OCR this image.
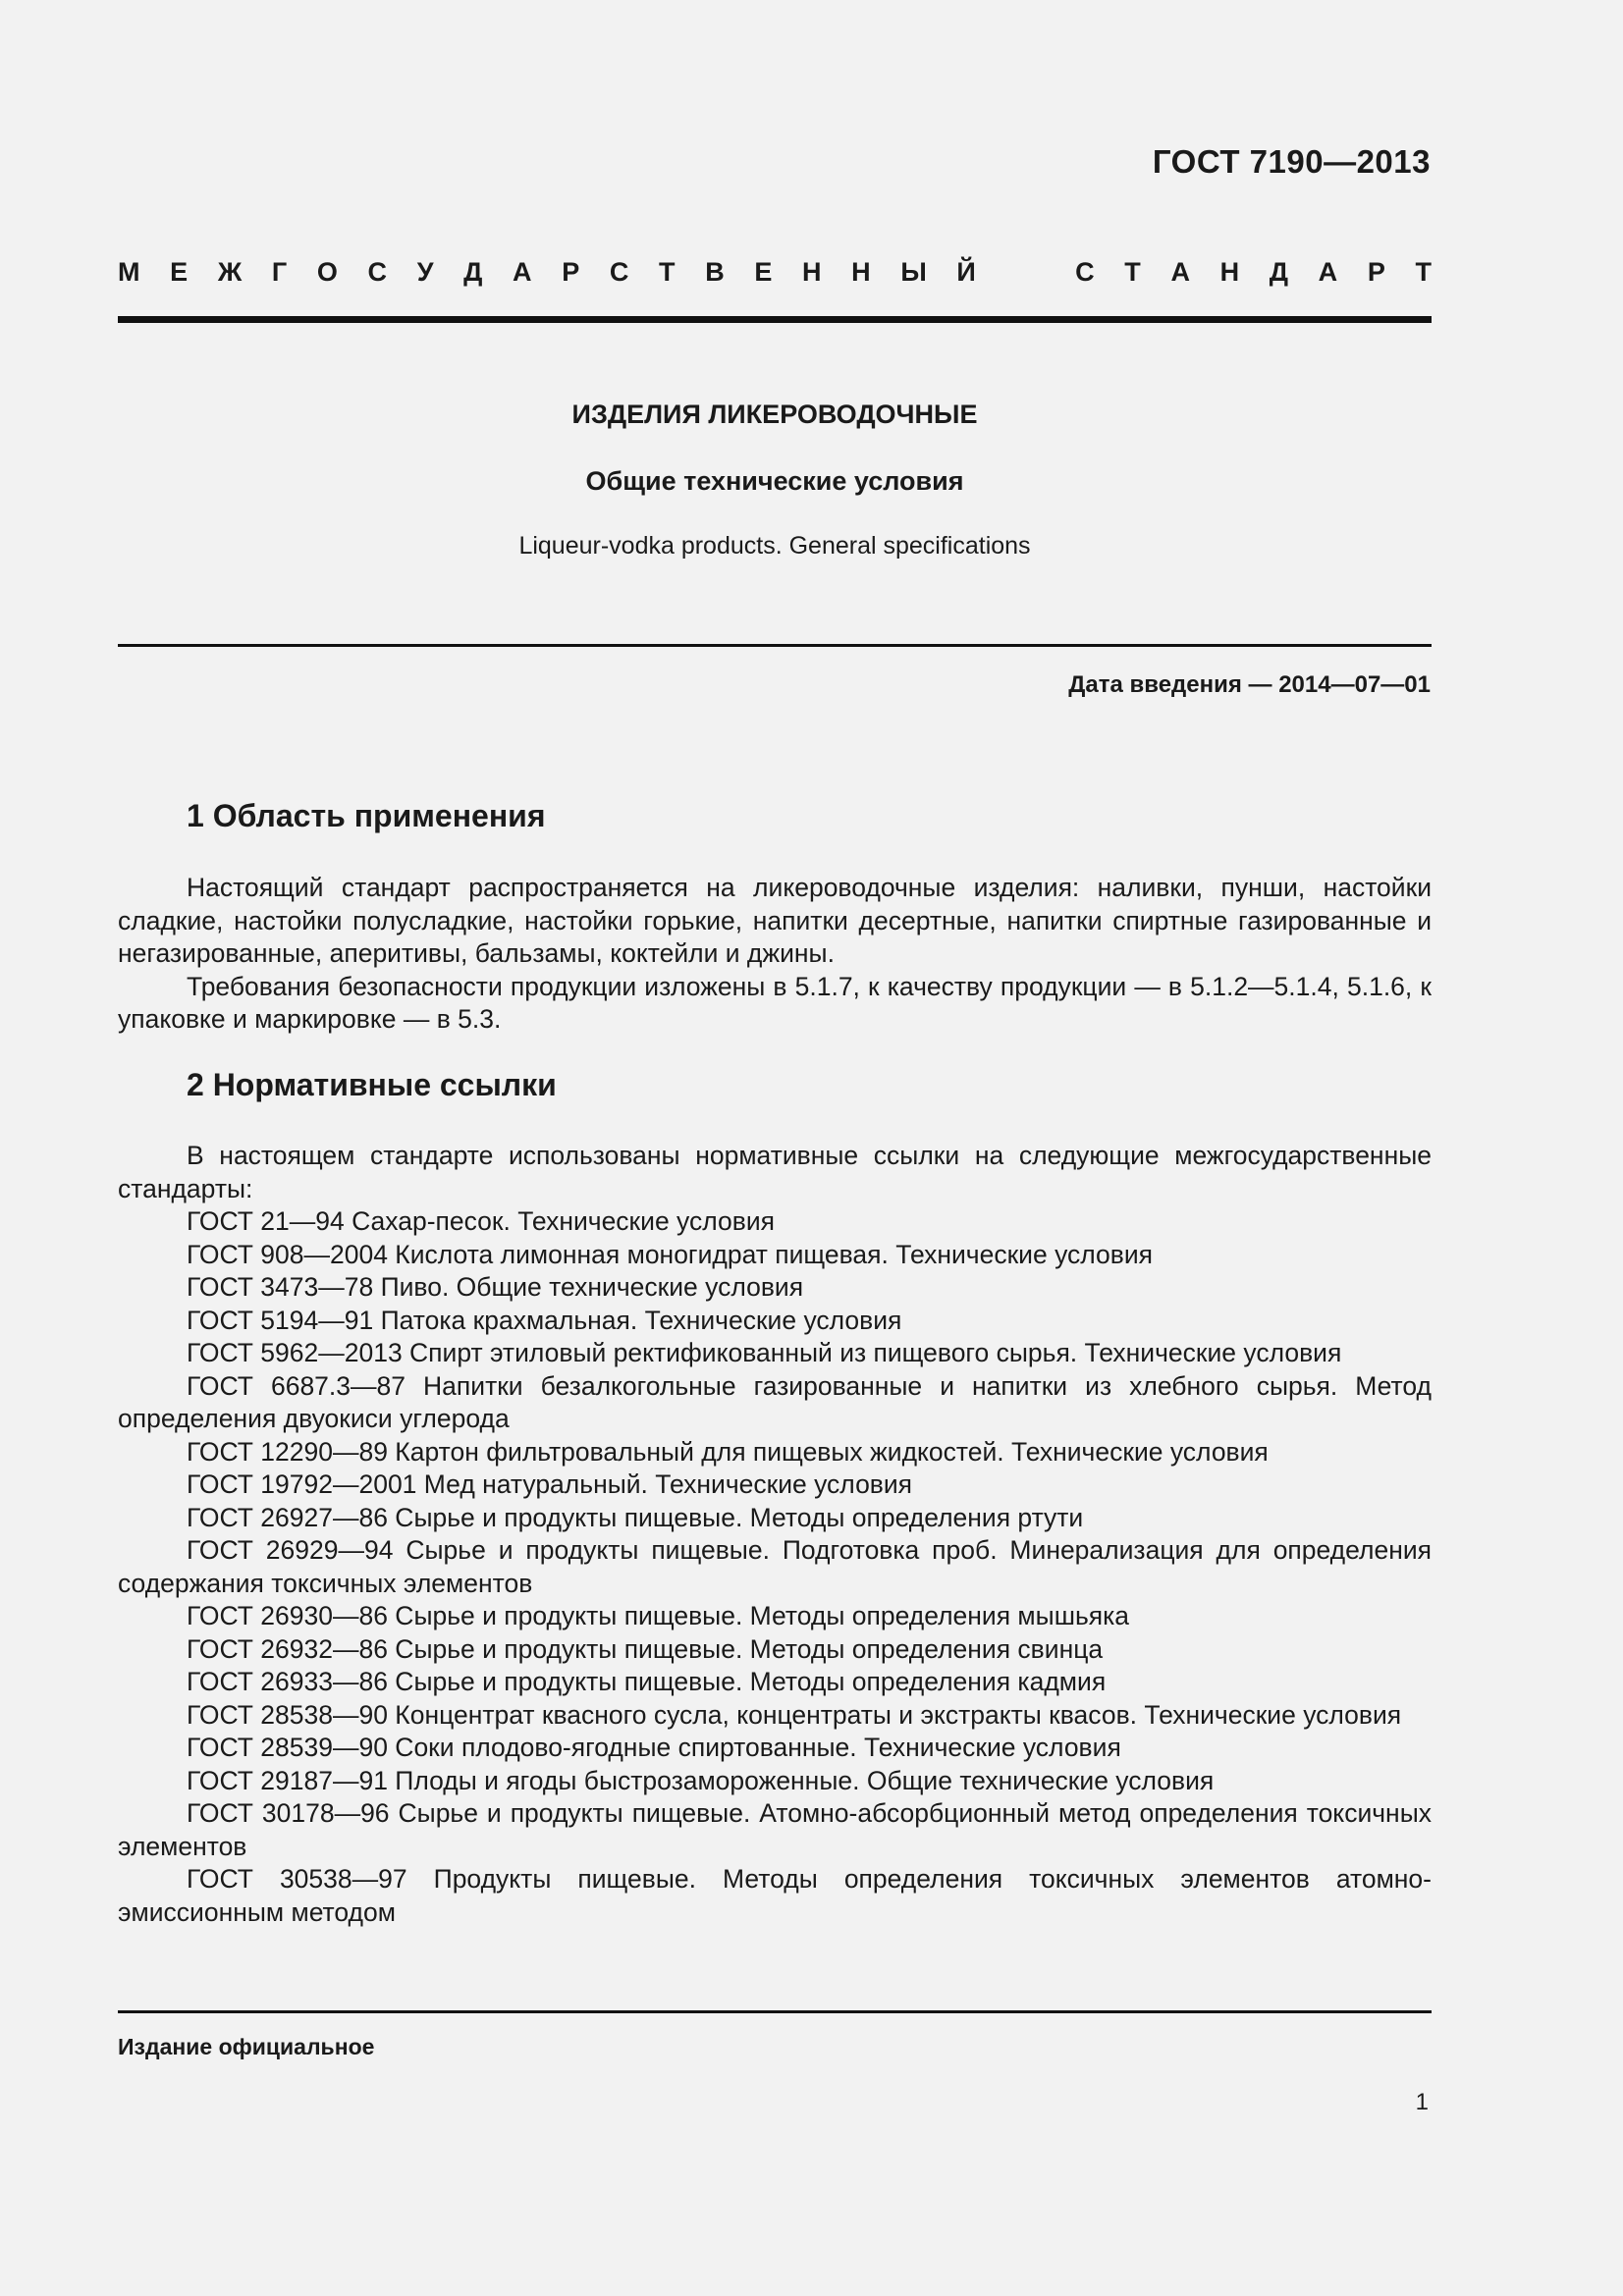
ГОСТ 7190—2013
М Е Ж Г О С У Д А Р С Т В Е Н Н Ы Й	С Т А Н Д А Р Т
ИЗДЕЛИЯ ЛИКЕРОВОДОЧНЫЕ
Общие технические условия
Liqueur-vodka products. General specifications
Дата введения — 2014—07—01
1 Область применения

Настоящий стандарт распространяется на ликероводочные изделия: наливки, пунши, настойки сладкие, настойки полусладкие, настойки горькие, напитки десертные, напитки спиртные газированные и негазированные, аперитивы, бальзамы, коктейли и джины.

Требования безопасности продукции изложены в 5.1.7, к качеству продукции — в 5.1.2—5.1.4, 5.1.6, к упаковке и маркировке — в 5.3.

2 Нормативные ссылки

В настоящем стандарте использованы нормативные ссылки на следующие межгосударственные стандарты:

ГОСТ 21—94 Сахар-песок. Технические условия

ГОСТ 908—2004 Кислота лимонная моногидрат пищевая. Технические условия

ГОСТ 3473—78 Пиво. Общие технические условия

ГОСТ 5194—91 Патока крахмальная. Технические условия

ГОСТ 5962—2013 Спирт этиловый ректификованный из пищевого сырья. Технические условия

ГОСТ 6687.3—87 Напитки безалкогольные газированные и напитки из хлебного сырья. Метод определения двуокиси углерода

ГОСТ 12290—89 Картон фильтровальный для пищевых жидкостей. Технические условия

ГОСТ 19792—2001 Мед натуральный. Технические условия

ГОСТ 26927—86 Сырье и продукты пищевые. Методы определения ртути

ГОСТ 26929—94 Сырье и продукты пищевые. Подготовка проб. Минерализация для определения содержания токсичных элементов

ГОСТ 26930—86 Сырье и продукты пищевые. Методы определения мышьяка

ГОСТ 26932—86 Сырье и продукты пищевые. Методы определения свинца

ГОСТ 26933—86 Сырье и продукты пищевые. Методы определения кадмия

ГОСТ 28538—90 Концентрат квасного сусла, концентраты и экстракты квасов. Технические условия

ГОСТ 28539—90 Соки плодово-ягодные спиртованные. Технические условия

ГОСТ 29187—91 Плоды и ягоды быстрозамороженные. Общие технические условия

ГОСТ 30178—96 Сырье и продукты пищевые. Атомно-абсорбционный метод определения токсичных элементов

ГОСТ 30538—97 Продукты пищевые. Методы определения токсичных элементов атомно-эмиссионным методом

Издание официальное
1
